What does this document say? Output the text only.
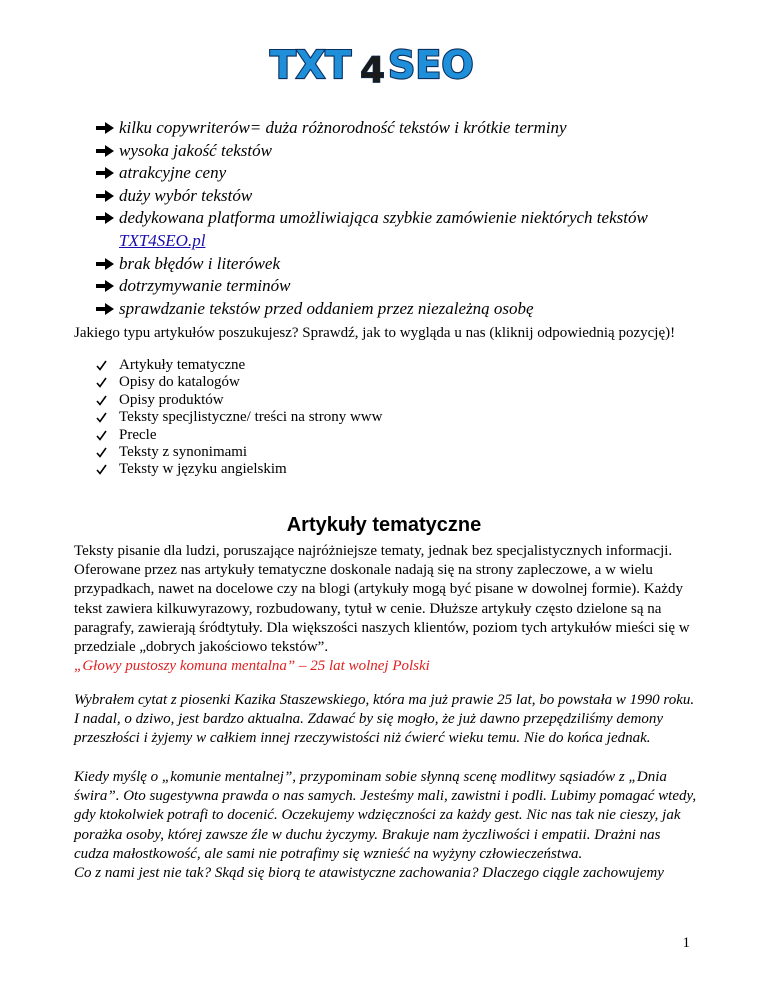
TXT 4 SEO
kilku copywriterów= duża różnorodność tekstów i krótkie terminy
wysoka jakość tekstów
atrakcyjne ceny
duży wybór tekstów
dedykowana platforma umożliwiająca szybkie zamówienie niektórych tekstów
TXT4SEO.pl
brak błędów i literówek
dotrzymywanie terminów
sprawdzanie tekstów przed oddaniem przez niezależną osobę

Jakiego typu artykułów poszukujesz? Sprawdź, jak to wygląda u nas (kliknij odpowiednią pozycję)!

Artykuły tematyczne
Opisy do katalogów
Opisy produktów
Teksty specjlistyczne/ treści na strony www
Precle
Teksty z synonimami
Teksty w języku angielskim
Artykuły tematyczne

Teksty pisanie dla ludzi, poruszające najróżniejsze tematy, jednak bez specjalistycznych informacji. Oferowane przez nas artykuły tematyczne doskonale nadają się na strony zapleczowe, a w wielu przypadkach, nawet na docelowe czy na blogi (artykuły mogą być pisane w dowolnej formie). Każdy tekst zawiera kilkuwyrazowy, rozbudowany, tytuł w cenie. Dłuższe artykuły często dzielone są na paragrafy, zawierają śródtytuły. Dla większości naszych klientów, poziom tych artykułów mieści się w przedziale „dobrych jakościowo tekstów”.

„Głowy pustoszy komuna mentalna” – 25 lat wolnej Polski

Wybrałem cytat z piosenki Kazika Staszewskiego, która ma już prawie 25 lat, bo powstała w 1990 roku. I nadal, o dziwo, jest bardzo aktualna. Zdawać by się mogło, że już dawno przepędziliśmy demony przeszłości i żyjemy w całkiem innej rzeczywistości niż ćwierć wieku temu. Nie do końca jednak.

Kiedy myślę o „komunie mentalnej”, przypominam sobie słynną scenę modlitwy sąsiadów z „Dnia świra”. Oto sugestywna prawda o nas samych. Jesteśmy mali, zawistni i podli. Lubimy pomagać wtedy, gdy ktokolwiek potrafi to docenić. Oczekujemy wdzięczności za każdy gest. Nic nas tak nie cieszy, jak porażka osoby, której zawsze źle w duchu życzymy. Brakuje nam życzliwości i empatii. Drażni nas cudza małostkowość, ale sami nie potrafimy się wznieść na wyżyny człowieczeństwa.

Co z nami jest nie tak? Skąd się biorą te atawistyczne zachowania? Dlaczego ciągle zachowujemy

1
